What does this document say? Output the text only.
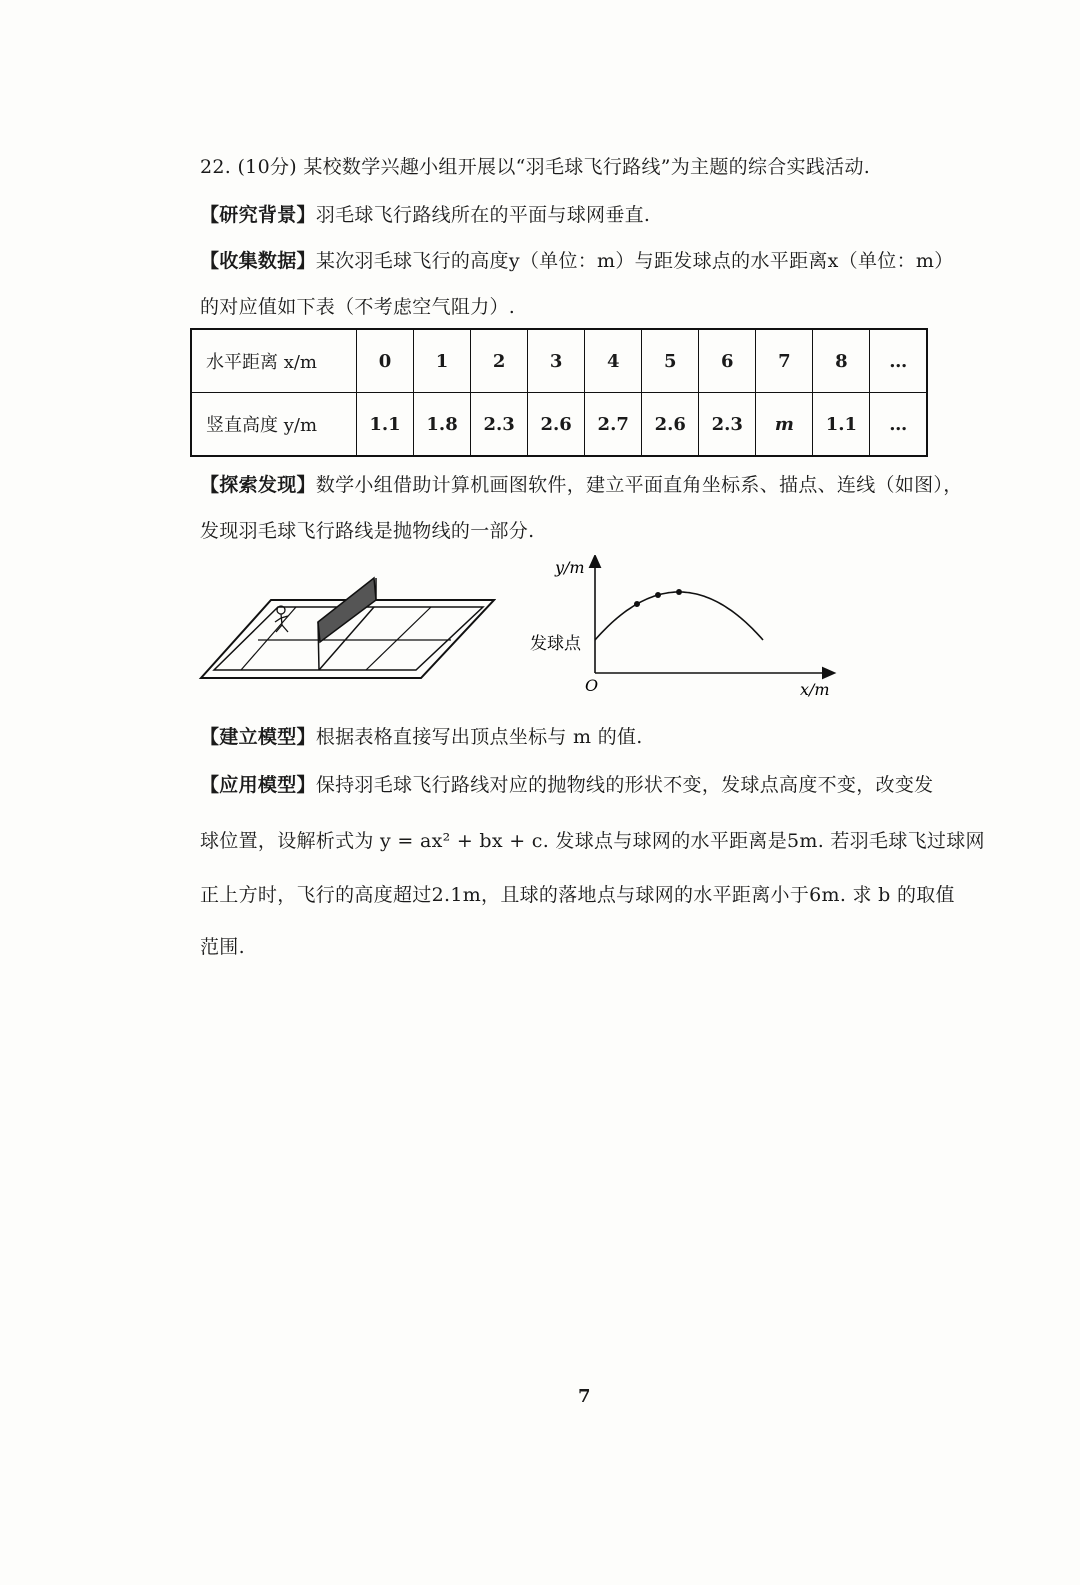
22. (10分) 某校数学兴趣小组开展以“羽毛球飞行路线”为主题的综合实践活动.
【研究背景】羽毛球飞行路线所在的平面与球网垂直.
【收集数据】某次羽毛球飞行的高度y（单位：m）与距发球点的水平距离x（单位：m）
的对应值如下表（不考虑空气阻力）.
水平距离 x/m	0	1	2	3	4	5	6	7	8	…
竖直高度 y/m	1.1	1.8	2.3	2.6	2.7	2.6	2.3	m	1.1	…
【探索发现】数学小组借助计算机画图软件，建立平面直角坐标系、描点、连线（如图），
发现羽毛球飞行路线是抛物线的一部分.
y/m
发球点
O	x/m
【建立模型】根据表格直接写出顶点坐标与 m 的值.
【应用模型】保持羽毛球飞行路线对应的抛物线的形状不变，发球点高度不变，改变发
球位置，设解析式为 y = ax² + bx + c. 发球点与球网的水平距离是5m. 若羽毛球飞过球网
正上方时，飞行的高度超过2.1m，且球的落地点与球网的水平距离小于6m. 求 b 的取值
范围.
7
